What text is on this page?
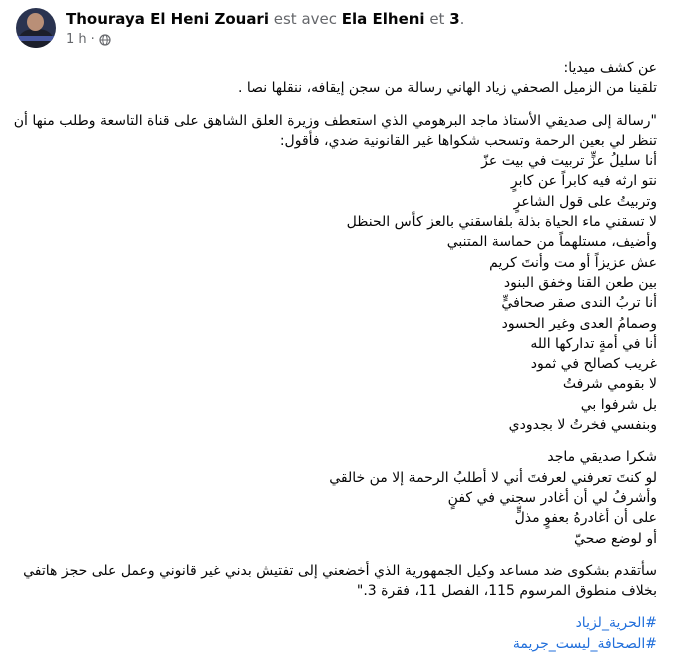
Thouraya El Heni Zouari est avec Ela Elheni et 3.
1 h ·
عن كشف ميديا:
تلقينا من الزميل الصحفي زياد الهاني رسالة من سجن إيقافه، ننقلها نصا .
"رسالة إلى صديقي الأستاذ ماجد البرهومي الذي استعطف وزيرة العلق الشاهق على قناة التاسعة وطلب منها أن
تنظر لي بعين الرحمة وتسحب شكواها غير القانونية ضدي، فأقول:
أنا سليلُ عزٍّ تربيت في بيت عزّ
نتو ارثه فيه كابراً عن كابرٍ
وتربيتُ على قول الشاعرٍ
لا تسقني ماء الحياة بذلة بلفاسقني بالعز كأس الحنظل
وأضيف، مستلهماً من حماسة المتنبي
عش عزيزاً أو مت وأنتَ كريم
بين طعن القنا وخفق البنود
أنا تربُ الندى صقر صحافيٍّ
وصمامُ العدى وغير الحسود
أنا في أمةٍ تداركها الله
غريب كصالح في ثمود
لا بقومي شرفتُ
بل شرفوا بي
وبنفسي فخرتُ لا بجدودي
شكرا صديقي ماجد
لو كنتَ تعرفني لعرفتَ أني لا أطلبُ الرحمة إلا من خالقي
وأشرفُ لي أن أغادر سجني في كفنٍ
على أن أغادرهُ بعفوٍ مذلٍّ
أو لوضع صحيّ
سأتقدم بشكوى ضد مساعد وكيل الجمهورية الذي أخضعني إلى تفتيش بدني غير قانوني وعمل على حجز هاتفي
بخلاف منطوق المرسوم 115، الفصل 11، فقرة 3."
#الحرية_لزياد
#الصحافة_ليست_جريمة
